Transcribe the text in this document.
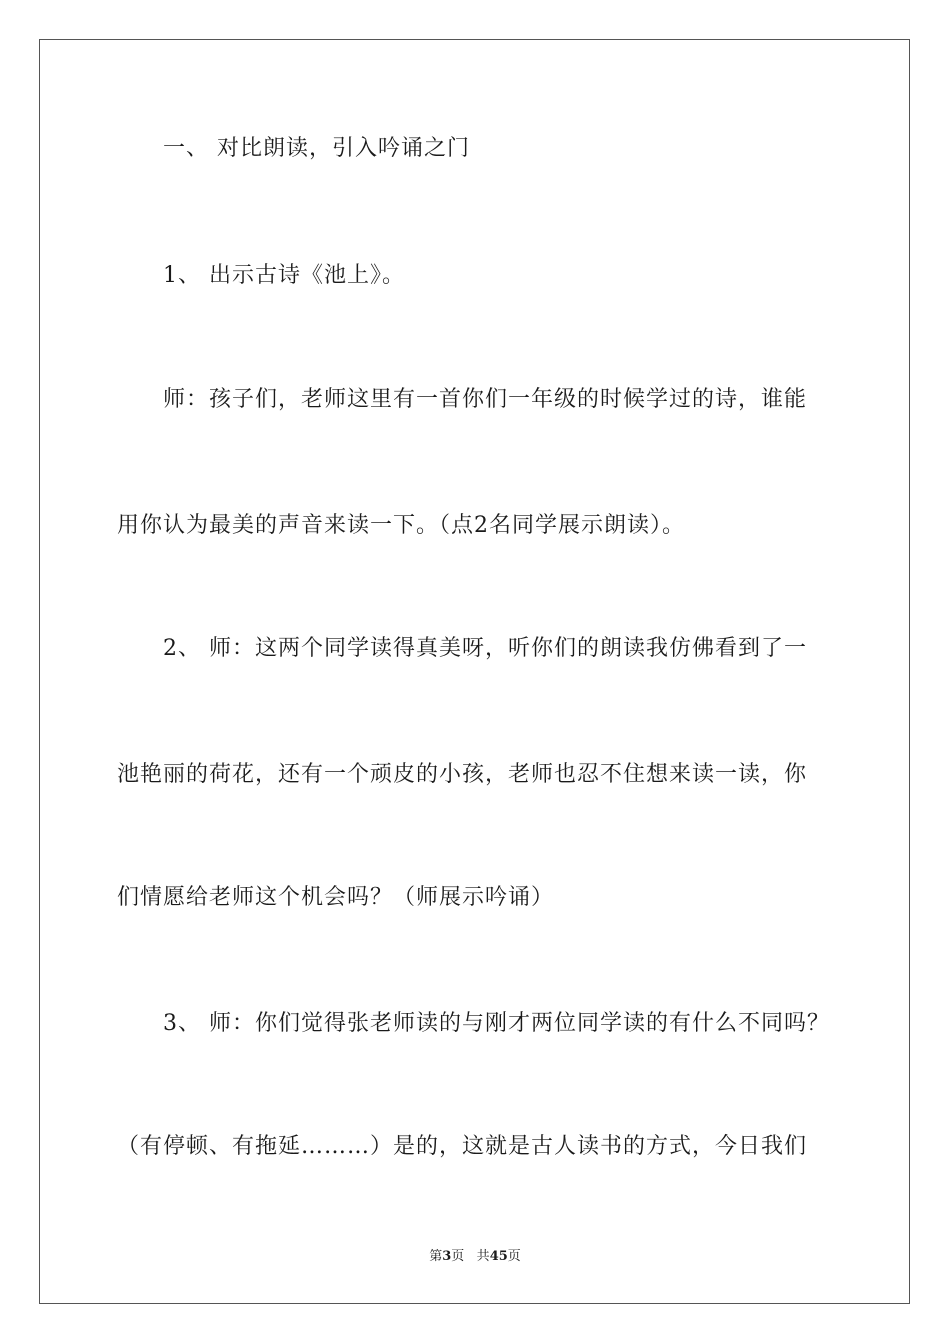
一、 对比朗读，引入吟诵之门
1、 出示古诗《池上》。
师：孩子们，老师这里有一首你们一年级的时候学过的诗，谁能
用你认为最美的声音来读一下。（点2名同学展示朗读）。
2、 师：这两个同学读得真美呀，听你们的朗读我仿佛看到了一
池艳丽的荷花，还有一个顽皮的小孩，老师也忍不住想来读一读，你
们情愿给老师这个机会吗？（师展示吟诵）
3、 师：你们觉得张老师读的与刚才两位同学读的有什么不同吗？
（有停顿、有拖延………）是的，这就是古人读书的方式，今日我们
第3页 共45页
